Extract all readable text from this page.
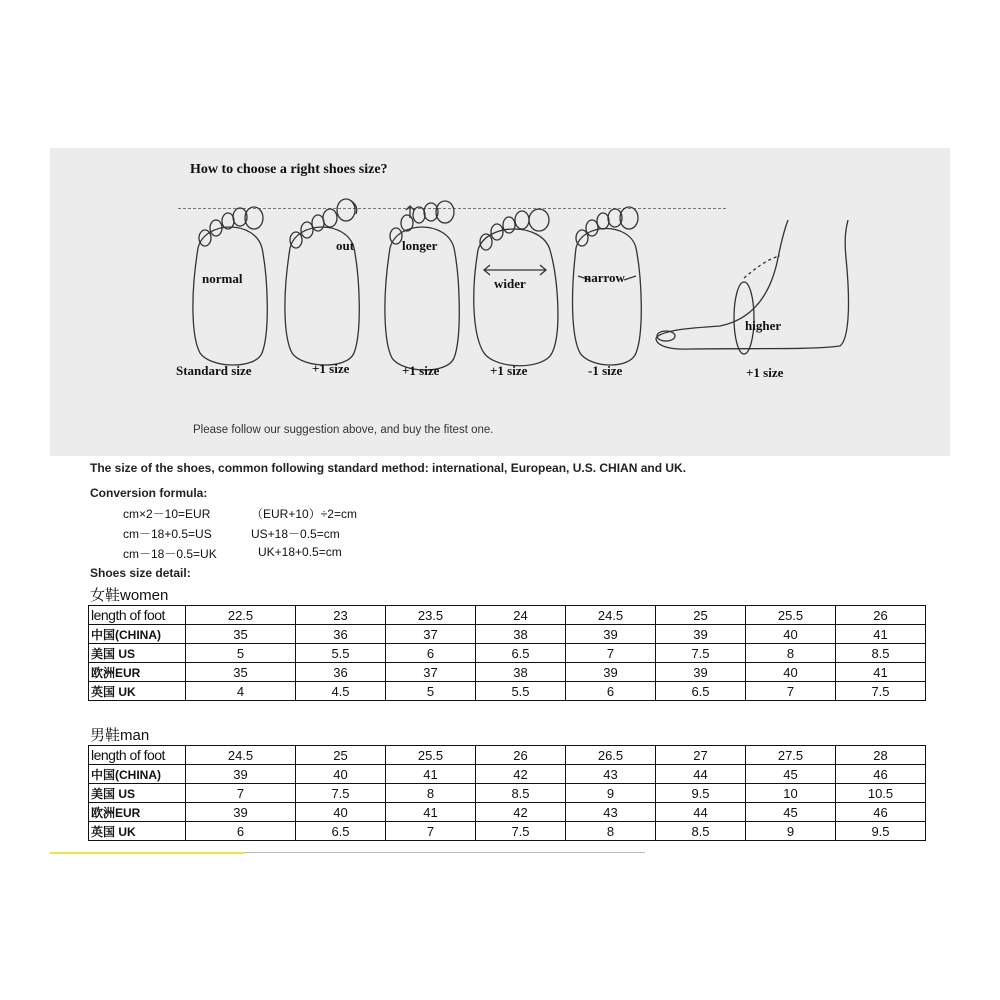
How to choose a right shoes size?
normal
Standard size
out
+1 size
longer
+1 size
wider
+1 size
narrow
-1 size
higher
+1 size
Please follow our suggestion above, and buy the fitest one.
The size of the shoes, common following standard method: international, European, U.S. CHIAN and UK.
Conversion formula:
cm×2－10=EUR	（EUR+10）÷2=cm
cm－18+0.5=US	US+18－0.5=cm
cm－18－0.5=UK	UK+18+0.5=cm
Shoes size detail:
女鞋women
length of foot	22.5	23	23.5	24	24.5	25	25.5	26
中国(CHINA)	35	36	37	38	39	39	40	41
美国 US	5	5.5	6	6.5	7	7.5	8	8.5
欧洲EUR	35	36	37	38	39	39	40	41
英国 UK	4	4.5	5	5.5	6	6.5	7	7.5
男鞋man
length of foot	24.5	25	25.5	26	26.5	27	27.5	28
中国(CHINA)	39	40	41	42	43	44	45	46
美国 US	7	7.5	8	8.5	9	9.5	10	10.5
欧洲EUR	39	40	41	42	43	44	45	46
英国 UK	6	6.5	7	7.5	8	8.5	9	9.5
